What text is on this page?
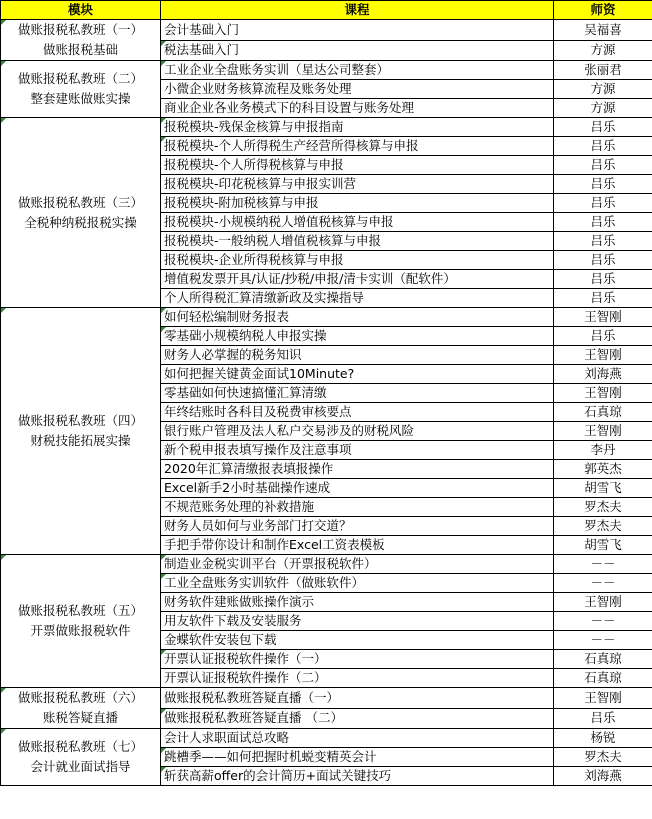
模块	课程	师资

做账报税私教班（一）
做账报税基础	会计基础入门	吴福喜
	税法基础入门	方源

做账报税私教班（二）
整套建账做账实操	工业企业全盘账务实训（星达公司整套）	张丽君
	小微企业财务核算流程及账务处理	方源
	商业企业各业务模式下的科目设置与账务处理	方源

做账报税私教班（三）
全税种纳税报税实操	报税模块-残保金核算与申报指南	吕乐
	报税模块-个人所得税生产经营所得核算与申报	吕乐
	报税模块-个人所得税核算与申报	吕乐
	报税模块-印花税核算与申报实训营	吕乐
	报税模块-附加税核算与申报	吕乐
	报税模块-小规模纳税人增值税核算与申报	吕乐
	报税模块-一般纳税人增值税核算与申报	吕乐
	报税模块-企业所得税核算与申报	吕乐
	增值税发票开具/认证/抄税/申报/清卡实训（配软件）	吕乐
	个人所得税汇算清缴新政及实操指导	吕乐

做账报税私教班（四）
财税技能拓展实操	如何轻松编制财务报表	王智刚
	零基础小规模纳税人申报实操	吕乐
	财务人必掌握的税务知识	王智刚
	如何把握关键黄金面试10Minute?	刘海燕
	零基础如何快速搞懂汇算清缴	王智刚
	年终结账时各科目及税费审核要点	石真琼
	银行账户管理及法人私户交易涉及的财税风险	王智刚
	新个税申报表填写操作及注意事项	李丹
	2020年汇算清缴报表填报操作	郭英杰
	Excel新手2小时基础操作速成	胡雪飞
	不规范账务处理的补救措施	罗杰夫
	财务人员如何与业务部门打交道？	罗杰夫
	手把手带你设计和制作Excel工资表模板	胡雪飞

做账报税私教班（五）
开票做账报税软件	制造业金税实训平台（开票报税软件）	－－
	工业全盘账务实训软件（做账软件）	－－
	财务软件建账做账操作演示	王智刚
	用友软件下载及安装服务	－－
	金蝶软件安装包下载	－－
	开票认证报税软件操作（一）	石真琼
	开票认证报税软件操作（二）	石真琼

做账报税私教班（六）
账税答疑直播	做账报税私教班答疑直播（一）	王智刚
	做账报税私教班答疑直播 （二）	吕乐

做账报税私教班（七）
会计就业面试指导	会计人求职面试总攻略	杨锐
	跳槽季——如何把握时机蜕变精英会计	罗杰夫
	斩获高薪offer的会计简历+面试关键技巧	刘海燕
